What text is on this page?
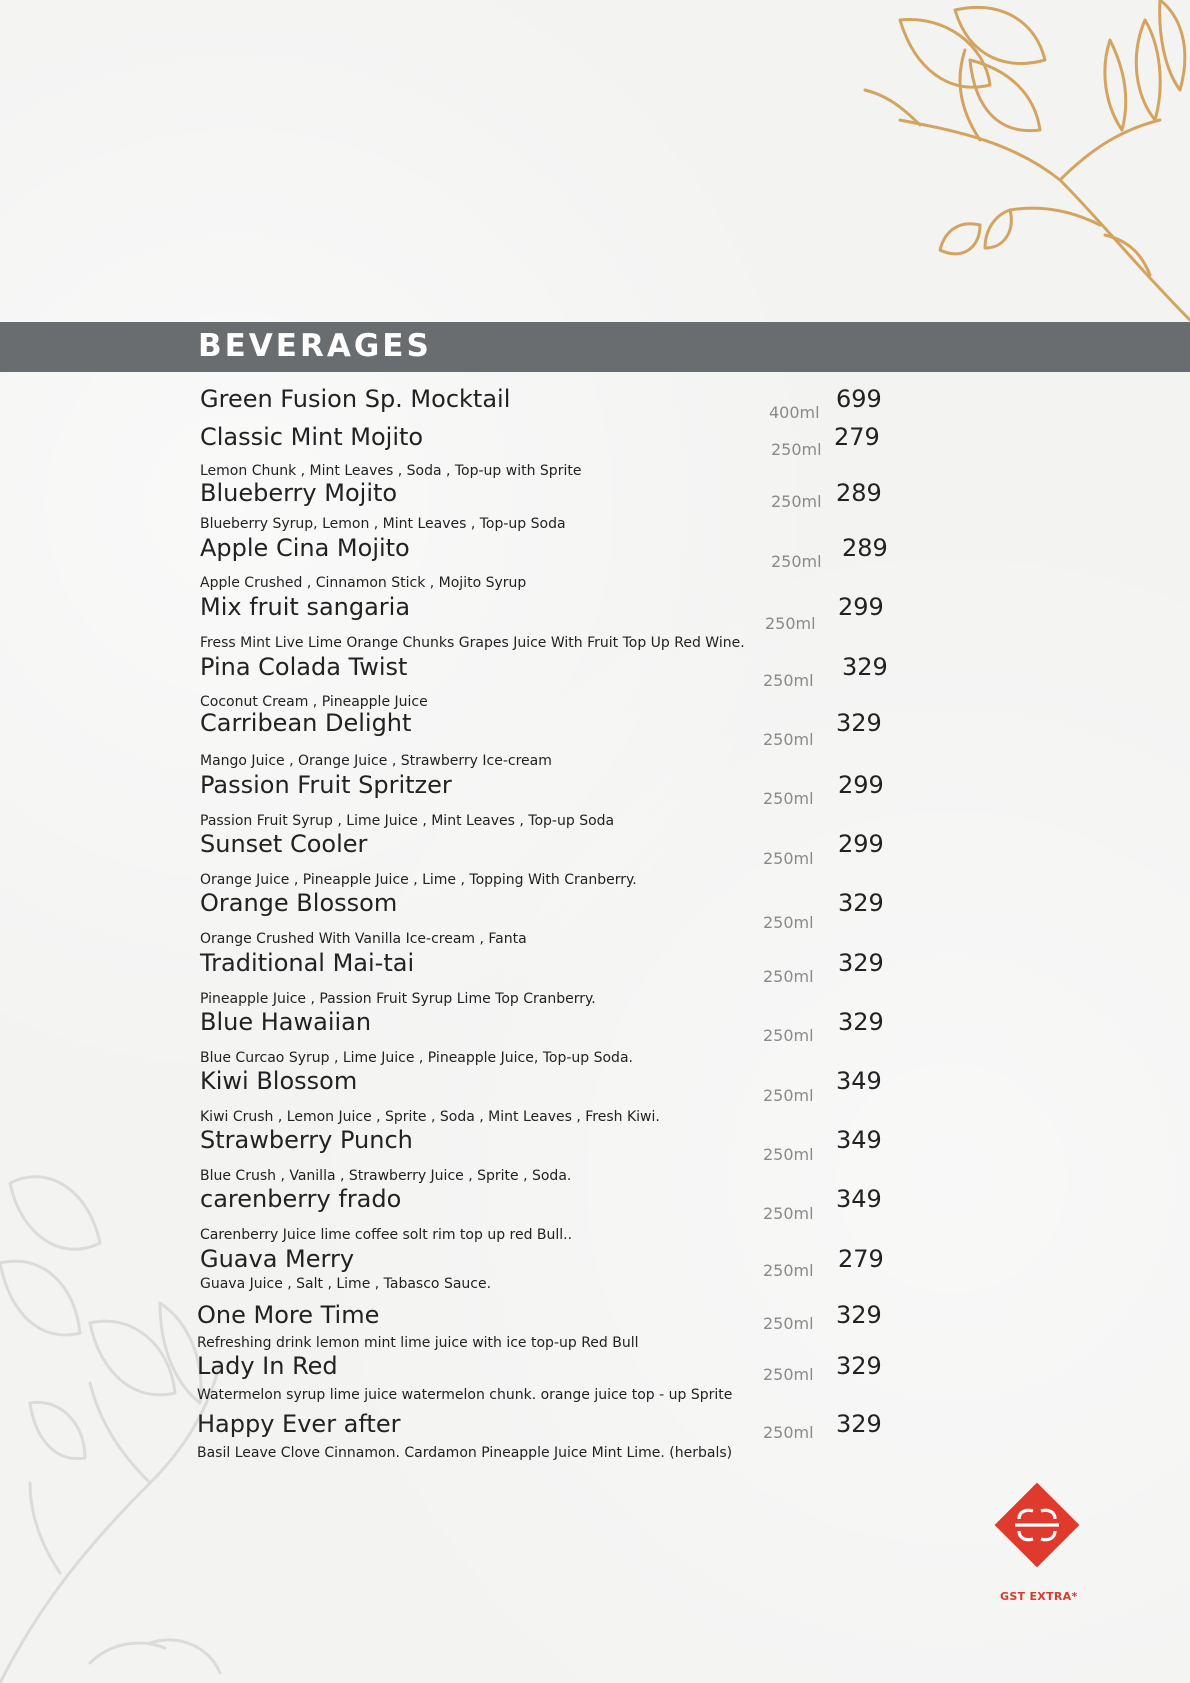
BEVERAGES
Green Fusion Sp. Mocktail	400ml 699
Classic Mint Mojito
Lemon Chunk , Mint Leaves , Soda , Top-up with Sprite
250ml 279
Blueberry Mojito
Blueberry Syrup, Lemon , Mint Leaves , Top-up Soda
250ml 289
Apple Cina Mojito
Apple Crushed , Cinnamon Stick , Mojito Syrup
250ml 289
Mix fruit sangaria
Fress Mint Live Lime Orange Chunks Grapes Juice With Fruit Top Up Red Wine.
250ml
299
Pina Colada Twist
Coconut Cream , Pineapple Juice
250ml 329
Carribean Delight
Mango Juice , Orange Juice , Strawberry Ice-cream
250ml
329
Passion Fruit Spritzer
Passion Fruit Syrup , Lime Juice , Mint Leaves , Top-up Soda
250ml 299
Sunset Cooler
Orange Juice , Pineapple Juice , Lime , Topping With Cranberry.
250ml
299
Orange Blossom
Orange Crushed With Vanilla Ice-cream , Fanta
250ml
329
Traditional Mai-tai
Pineapple Juice , Passion Fruit Syrup Lime Top Cranberry.
250ml 329
Blue Hawaiian
Blue Curcao Syrup , Lime Juice , Pineapple Juice, Top-up Soda.
250ml 329
Kiwi Blossom
Kiwi Crush , Lemon Juice , Sprite , Soda , Mint Leaves , Fresh Kiwi.
250ml
349
Strawberry Punch
Blue Crush , Vanilla , Strawberry Juice , Sprite , Soda.
250ml
349
carenberry frado
Carenberry Juice lime coffee solt rim top up red Bull..
250ml
349
Guava Merry
Guava Juice , Salt , Lime , Tabasco Sauce.
250ml 279
One More Time
Refreshing drink lemon mint lime juice with ice top-up Red Bull
250ml 329
Lady In Red
Watermelon syrup lime juice watermelon chunk. orange juice top - up Sprite
250ml 329
Happy Ever after
Basil Leave Clove Cinnamon. Cardamon Pineapple Juice Mint Lime. (herbals)
250ml 329
GST EXTRA*
